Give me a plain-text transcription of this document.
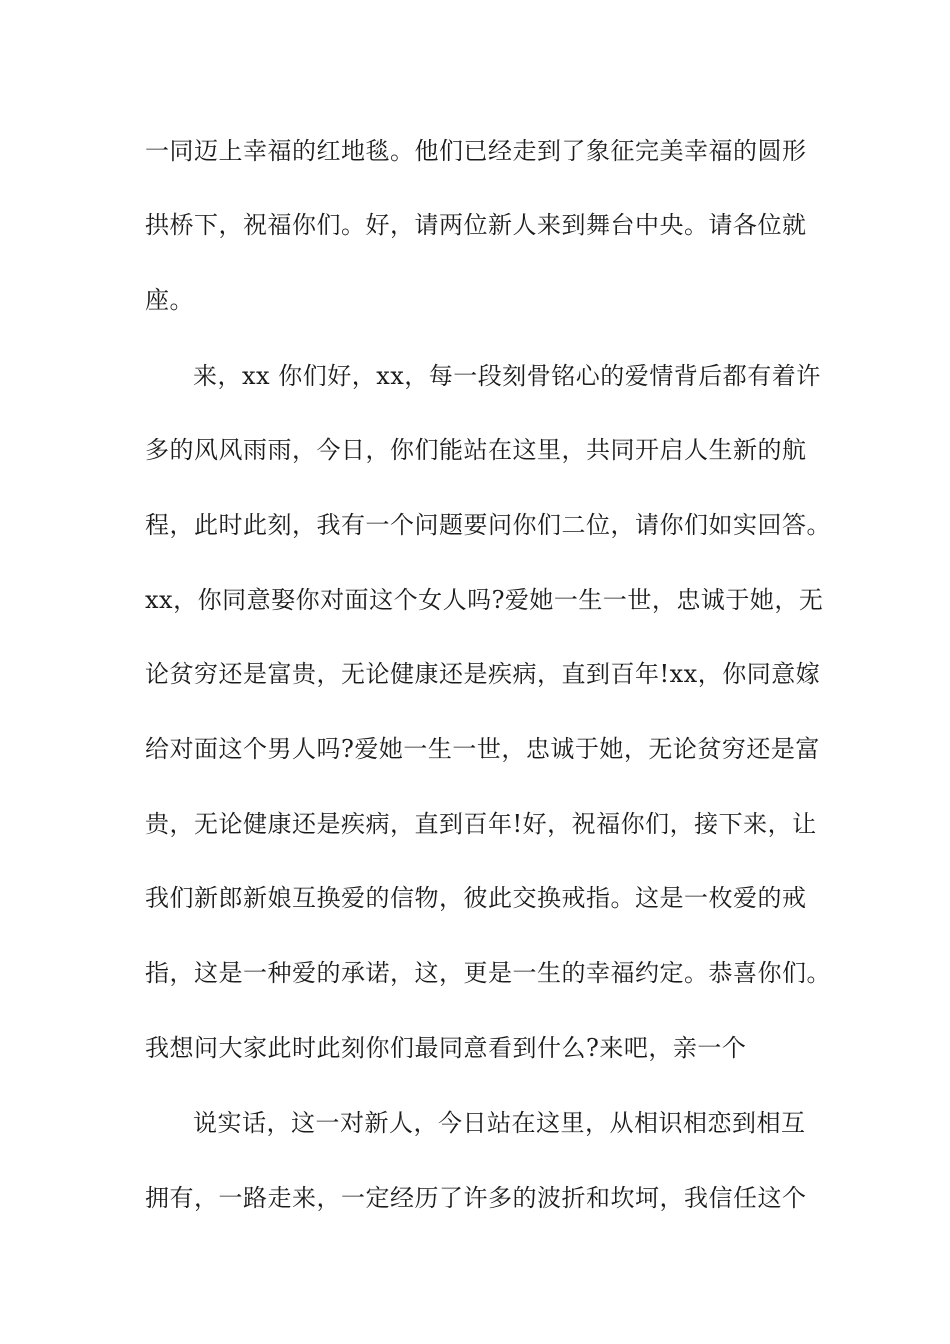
一同迈上幸福的红地毯。他们已经走到了象征完美幸福的圆形
拱桥下，祝福你们。好，请两位新人来到舞台中央。请各位就
座。
来，xx 你们好，xx，每一段刻骨铭心的爱情背后都有着许
多的风风雨雨，今日，你们能站在这里，共同开启人生新的航
程，此时此刻，我有一个问题要问你们二位，请你们如实回答。
xx，你同意娶你对面这个女人吗?爱她一生一世，忠诚于她，无
论贫穷还是富贵，无论健康还是疾病，直到百年!xx，你同意嫁
给对面这个男人吗?爱她一生一世，忠诚于她，无论贫穷还是富
贵，无论健康还是疾病，直到百年!好，祝福你们，接下来，让
我们新郎新娘互换爱的信物，彼此交换戒指。这是一枚爱的戒
指，这是一种爱的承诺，这，更是一生的幸福约定。恭喜你们。
我想问大家此时此刻你们最同意看到什么?来吧，亲一个
说实话，这一对新人，今日站在这里，从相识相恋到相互
拥有，一路走来，一定经历了许多的波折和坎坷，我信任这个
